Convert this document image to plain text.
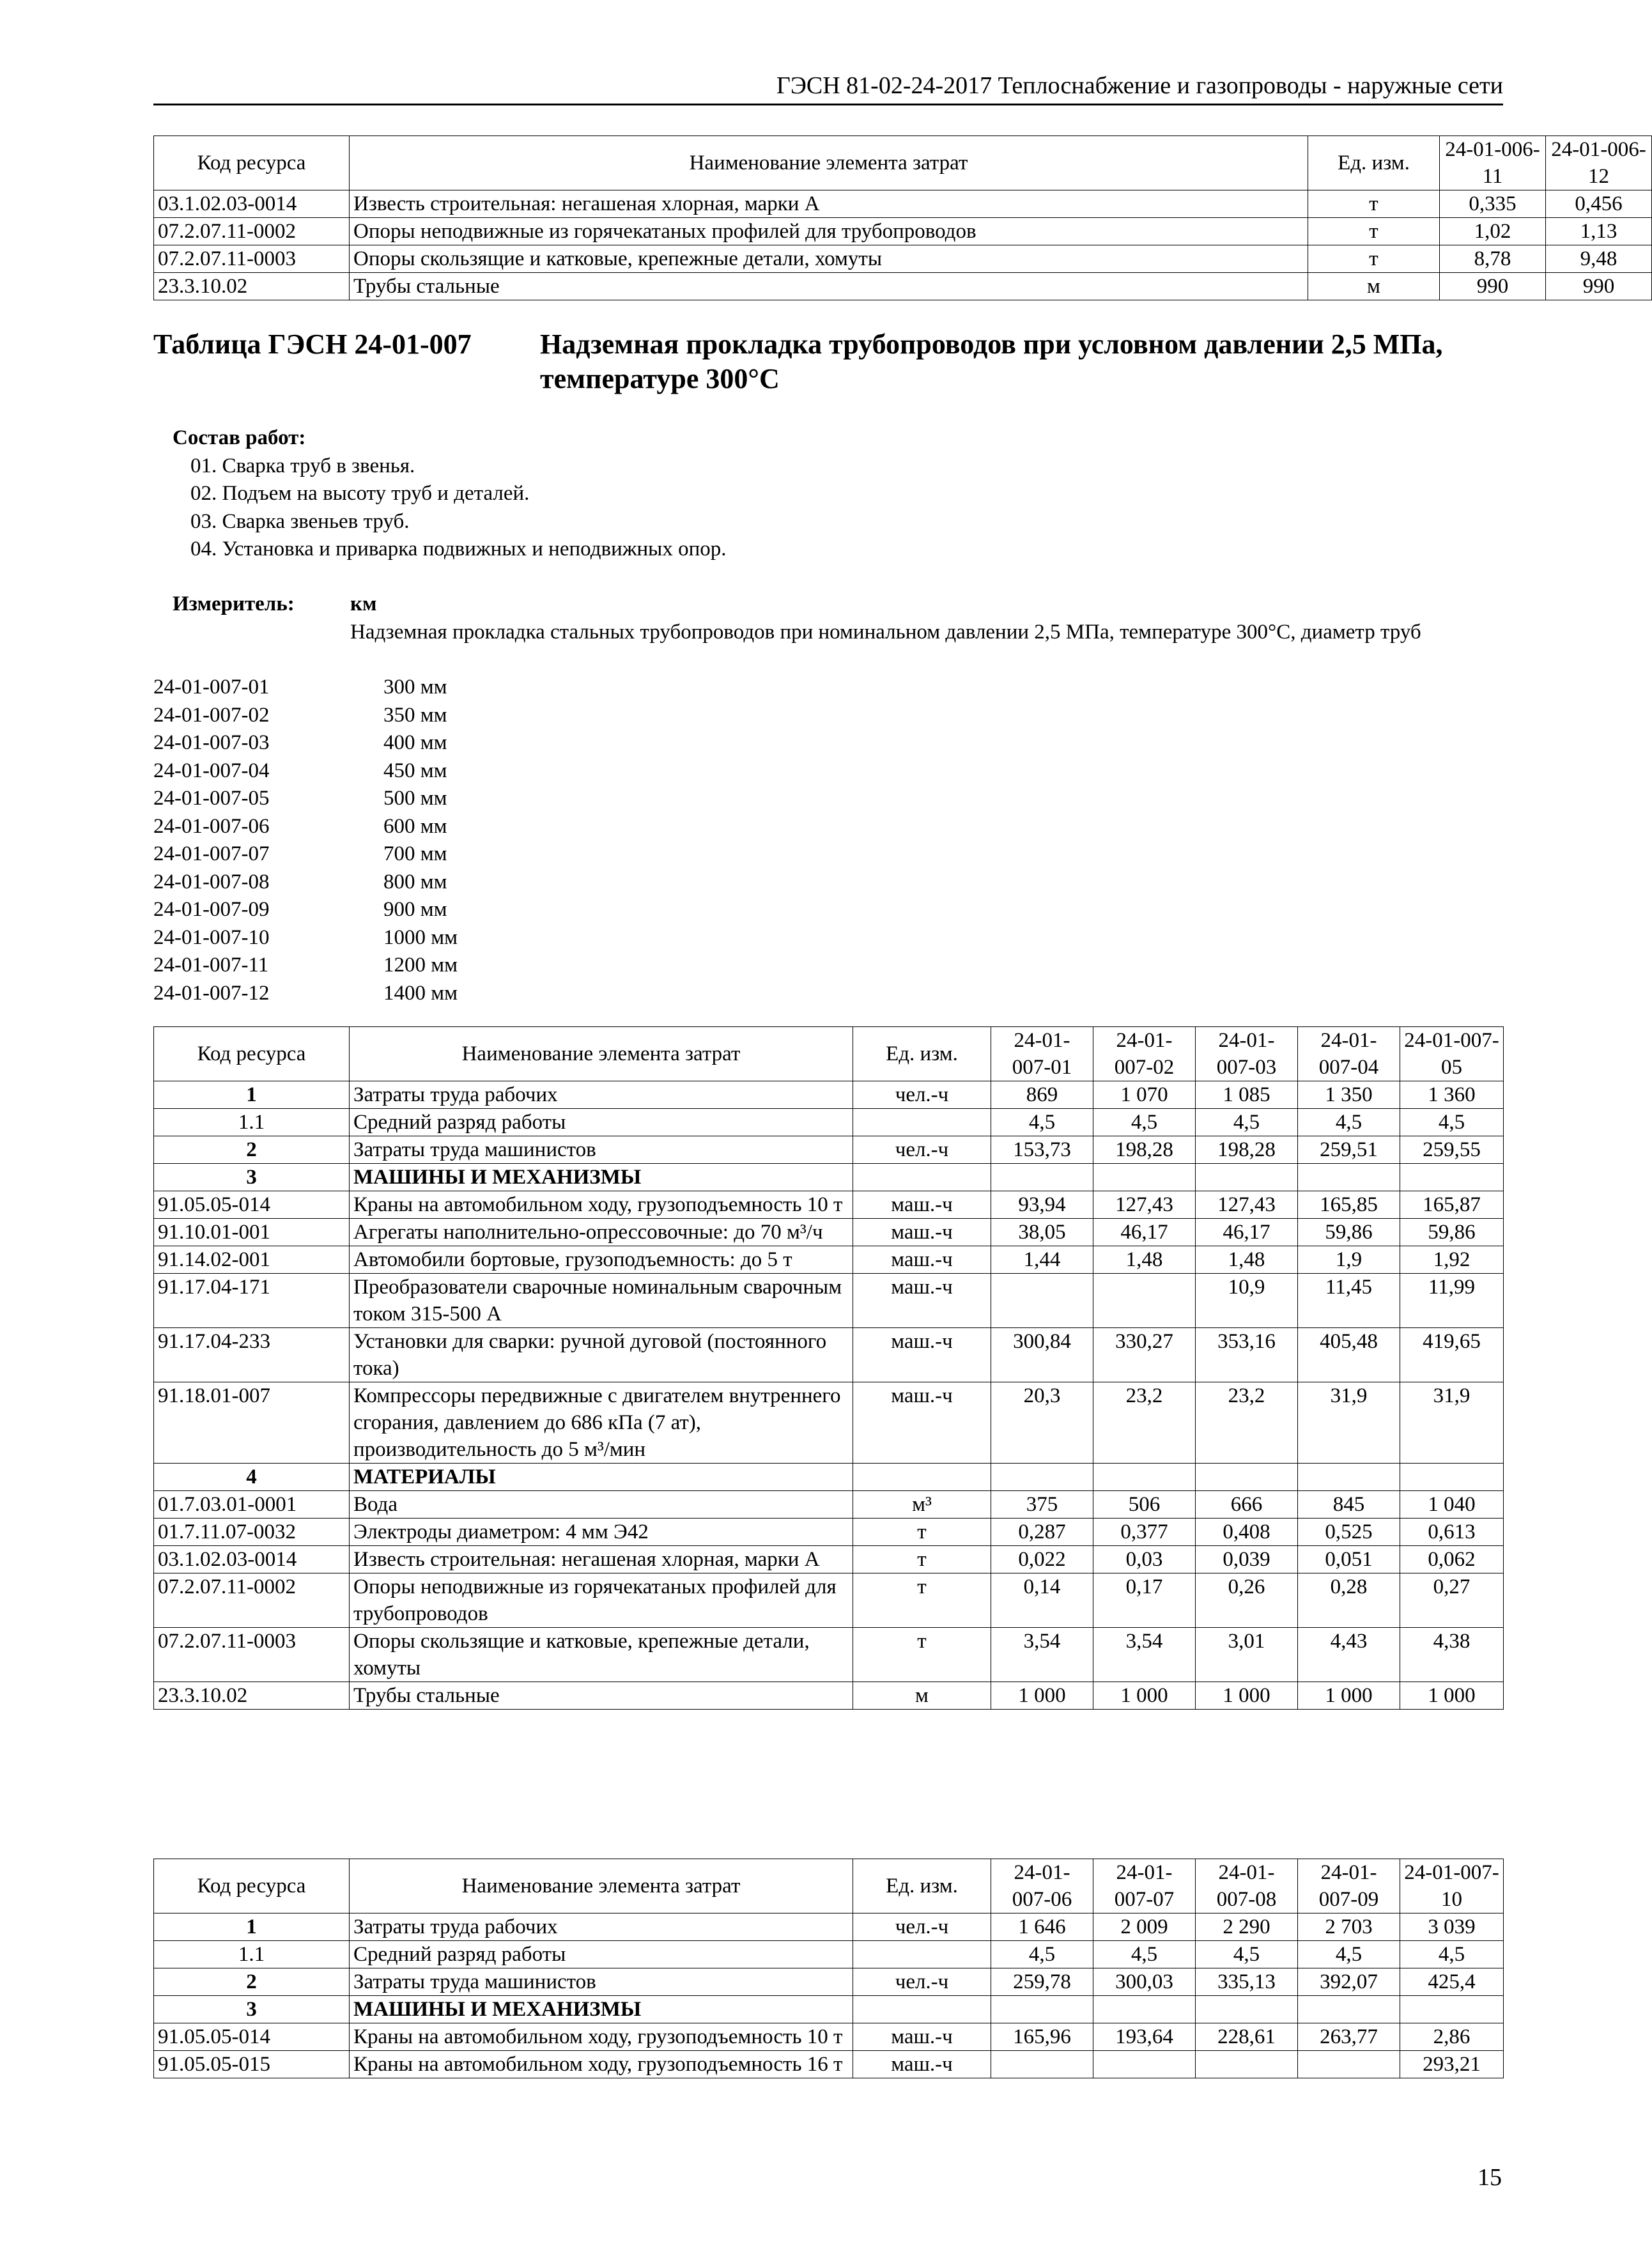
ГЭСН 81-02-24-2017 Теплоснабжение и газопроводы - наружные сети
Код ресурса	Наименование элемента затрат	Ед. изм.	24-01-006-11	24-01-006-12
03.1.02.03-0014	Известь строительная: негашеная хлорная, марки А	т	0,335	0,456
07.2.07.11-0002	Опоры неподвижные из горячекатаных профилей для трубопроводов	т	1,02	1,13
07.2.07.11-0003	Опоры скользящие и катковые, крепежные детали, хомуты	т	8,78	9,48
23.3.10.02	Трубы стальные	м	990	990
Таблица ГЭСН 24-01-007 Надземная прокладка трубопроводов при условном давлении 2,5 МПа, температуре 300°С
Состав работ:
01. Сварка труб в звенья.
02. Подъем на высоту труб и деталей.
03. Сварка звеньев труб.
04. Установка и приварка подвижных и неподвижных опор.
Измеритель:	км
Надземная прокладка стальных трубопроводов при номинальном давлении 2,5 МПа, температуре 300°С, диаметр труб
24-01-007-01	300 мм
24-01-007-02	350 мм
24-01-007-03	400 мм
24-01-007-04	450 мм
24-01-007-05	500 мм
24-01-007-06	600 мм
24-01-007-07	700 мм
24-01-007-08	800 мм
24-01-007-09	900 мм
24-01-007-10	1000 мм
24-01-007-11	1200 мм
24-01-007-12	1400 мм
Код ресурса	Наименование элемента затрат	Ед. изм.	24-01-007-01	24-01-007-02	24-01-007-03	24-01-007-04	24-01-007-05
1	Затраты труда рабочих	чел.-ч	869	1 070	1 085	1 350	1 360
1.1	Средний разряд работы		4,5	4,5	4,5	4,5	4,5
2	Затраты труда машинистов	чел.-ч	153,73	198,28	198,28	259,51	259,55
3	МАШИНЫ И МЕХАНИЗМЫ						
91.05.05-014	Краны на автомобильном ходу, грузоподъемность 10 т	маш.-ч	93,94	127,43	127,43	165,85	165,87
91.10.01-001	Агрегаты наполнительно-опрессовочные: до 70 м³/ч	маш.-ч	38,05	46,17	46,17	59,86	59,86
91.14.02-001	Автомобили бортовые, грузоподъемность: до 5 т	маш.-ч	1,44	1,48	1,48	1,9	1,92
91.17.04-171	Преобразователи сварочные номинальным сварочным током 315-500 А	маш.-ч			10,9	11,45	11,99
91.17.04-233	Установки для сварки: ручной дуговой (постоянного тока)	маш.-ч	300,84	330,27	353,16	405,48	419,65
91.18.01-007	Компрессоры передвижные с двигателем внутреннего сгорания, давлением до 686 кПа (7 ат), производительность до 5 м³/мин	маш.-ч	20,3	23,2	23,2	31,9	31,9
4	МАТЕРИАЛЫ						
01.7.03.01-0001	Вода	м³	375	506	666	845	1 040
01.7.11.07-0032	Электроды диаметром: 4 мм Э42	т	0,287	0,377	0,408	0,525	0,613
03.1.02.03-0014	Известь строительная: негашеная хлорная, марки А	т	0,022	0,03	0,039	0,051	0,062
07.2.07.11-0002	Опоры неподвижные из горячекатаных профилей для трубопроводов	т	0,14	0,17	0,26	0,28	0,27
07.2.07.11-0003	Опоры скользящие и катковые, крепежные детали, хомуты	т	3,54	3,54	3,01	4,43	4,38
23.3.10.02	Трубы стальные	м	1 000	1 000	1 000	1 000	1 000
Код ресурса	Наименование элемента затрат	Ед. изм.	24-01-007-06	24-01-007-07	24-01-007-08	24-01-007-09	24-01-007-10
1	Затраты труда рабочих	чел.-ч	1 646	2 009	2 290	2 703	3 039
1.1	Средний разряд работы		4,5	4,5	4,5	4,5	4,5
2	Затраты труда машинистов	чел.-ч	259,78	300,03	335,13	392,07	425,4
3	МАШИНЫ И МЕХАНИЗМЫ						
91.05.05-014	Краны на автомобильном ходу, грузоподъемность 10 т	маш.-ч	165,96	193,64	228,61	263,77	2,86
91.05.05-015	Краны на автомобильном ходу, грузоподъемность 16 т	маш.-ч					293,21
15
